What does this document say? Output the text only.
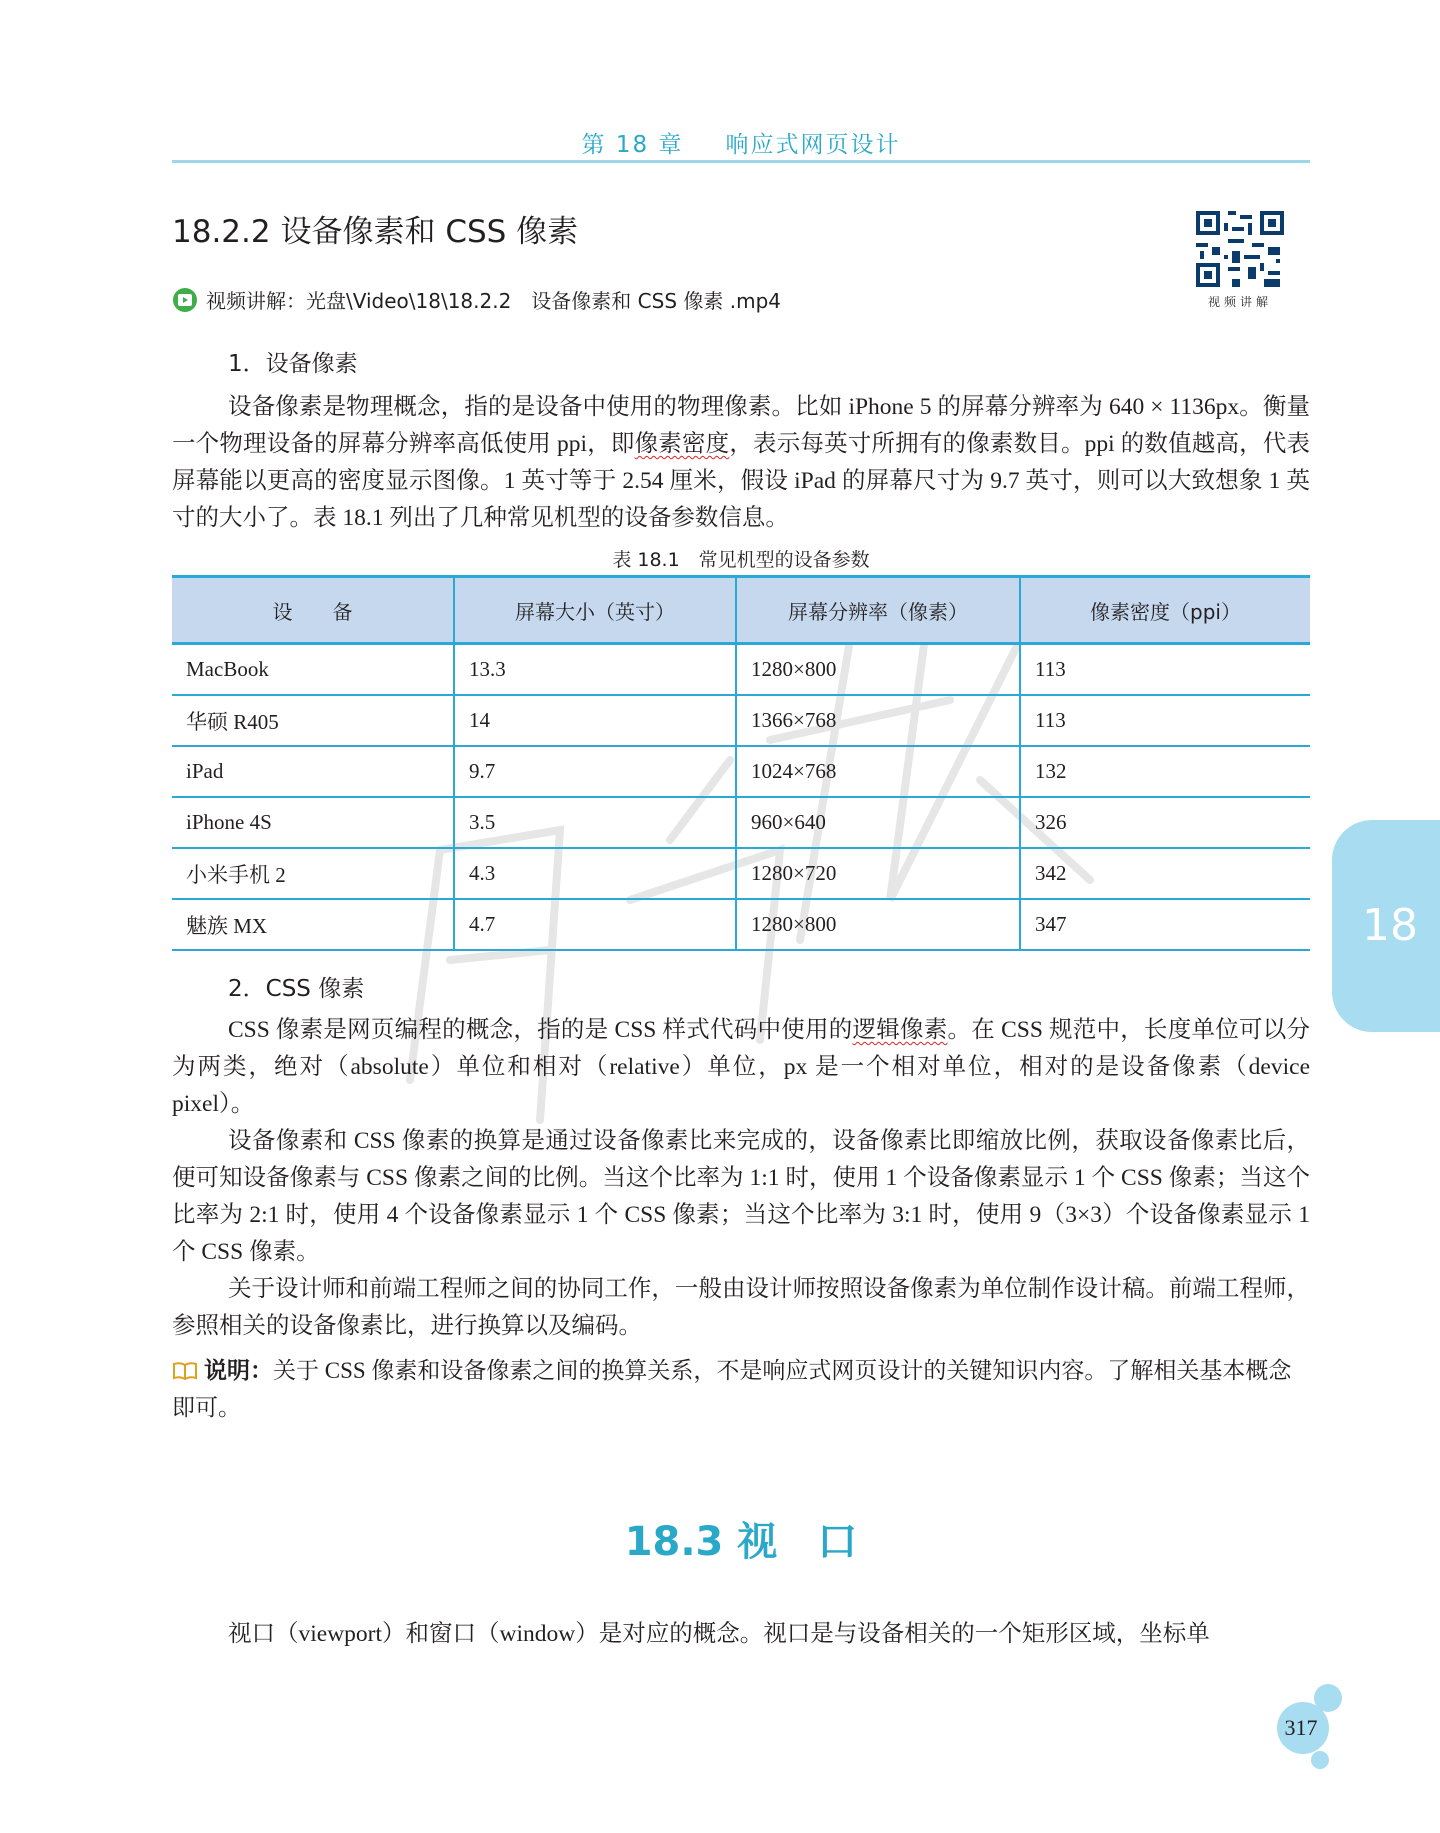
第 18 章 响应式网页设计
18.2.2 设备像素和 CSS 像素
视频讲解
视频讲解：光盘\Video\18\18.2.2　设备像素和 CSS 像素 .mp4
1．设备像素

设备像素是物理概念，指的是设备中使用的物理像素。比如 iPhone 5 的屏幕分辨率为 640 × 1136px。衡量一个物理设备的屏幕分辨率高低使用 ppi，即像素密度，表示每英寸所拥有的像素数目。ppi 的数值越高，代表屏幕能以更高的密度显示图像。1 英寸等于 2.54 厘米，假设 iPad 的屏幕尺寸为 9.7 英寸，则可以大致想象 1 英寸的大小了。表 18.1 列出了几种常见机型的设备参数信息。

表 18.1　常见机型的设备参数
设　　备	屏幕大小（英寸）	屏幕分辨率（像素）	像素密度（ppi）
MacBook	13.3	1280×800	113
华硕 R405	14	1366×768	113
iPad	9.7	1024×768	132
iPhone 4S	3.5	960×640	326
小米手机 2	4.3	1280×720	342
魅族 MX	4.7	1280×800	347
2．CSS 像素

CSS 像素是网页编程的概念，指的是 CSS 样式代码中使用的逻辑像素。在 CSS 规范中，长度单位可以分为两类，绝对（absolute）单位和相对（relative）单位，px 是一个相对单位，相对的是设备像素（device pixel）。

设备像素和 CSS 像素的换算是通过设备像素比来完成的，设备像素比即缩放比例，获取设备像素比后，便可知设备像素与 CSS 像素之间的比例。当这个比率为 1:1 时，使用 1 个设备像素显示 1 个 CSS 像素；当这个比率为 2:1 时，使用 4 个设备像素显示 1 个 CSS 像素；当这个比率为 3:1 时，使用 9（3×3）个设备像素显示 1 个 CSS 像素。

关于设计师和前端工程师之间的协同工作，一般由设计师按照设备像素为单位制作设计稿。前端工程师，参照相关的设备像素比，进行换算以及编码。

说明：关于 CSS 像素和设备像素之间的换算关系，不是响应式网页设计的关键知识内容。了解相关基本概念即可。
18.3 视　口

视口（viewport）和窗口（window）是对应的概念。视口是与设备相关的一个矩形区域，坐标单

18
317
